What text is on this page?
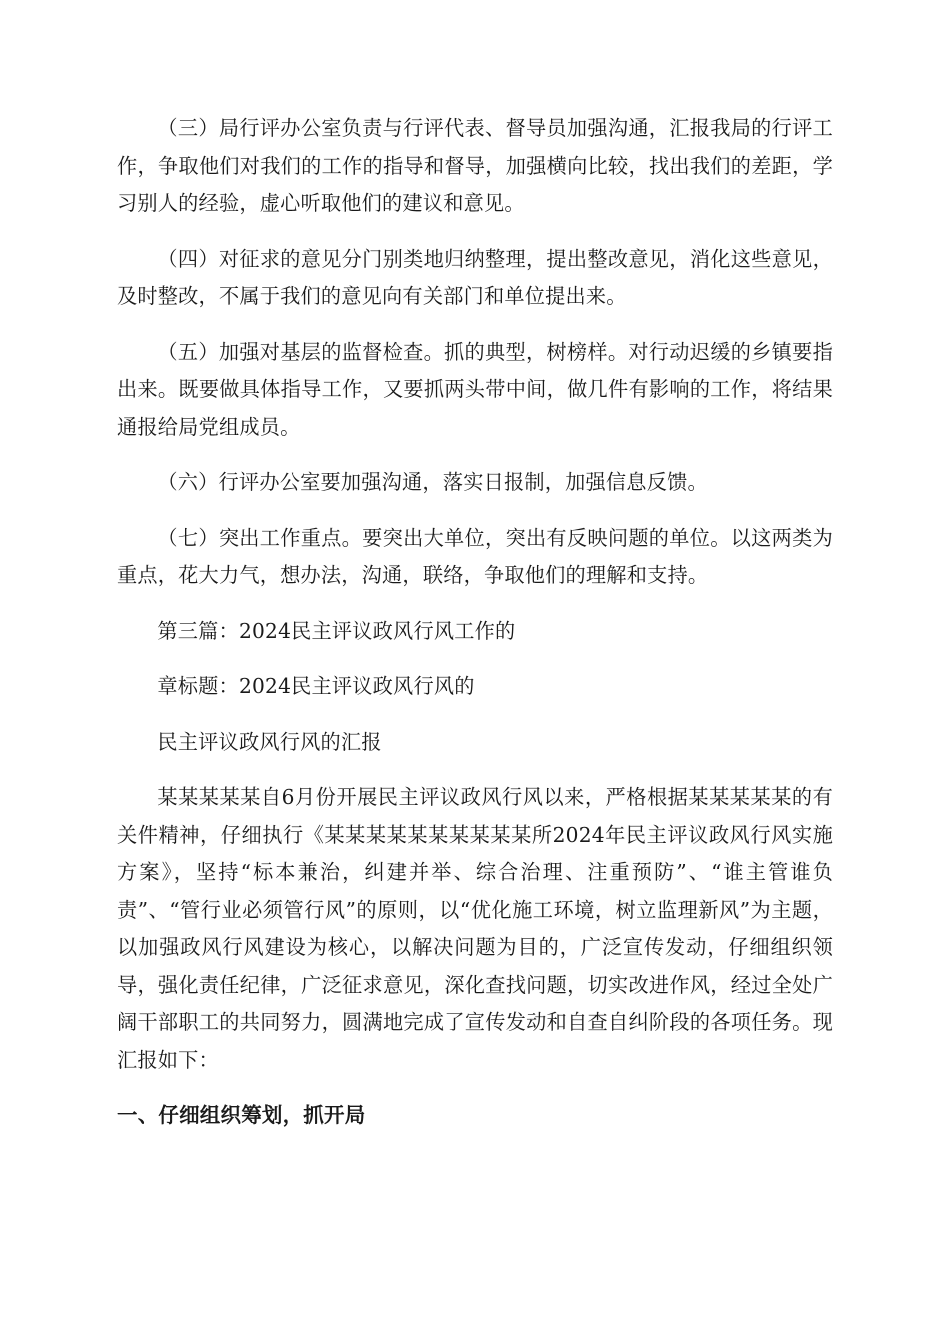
（三）局行评办公室负责与行评代表、督导员加强沟通，汇报我局的行评工作，争取他们对我们的工作的指导和督导，加强横向比较，找出我们的差距，学习别人的经验，虚心听取他们的建议和意见。

（四）对征求的意见分门别类地归纳整理，提出整改意见，消化这些意见，及时整改，不属于我们的意见向有关部门和单位提出来。

（五）加强对基层的监督检查。抓的典型，树榜样。对行动迟缓的乡镇要指出来。既要做具体指导工作，又要抓两头带中间，做几件有影响的工作，将结果通报给局党组成员。

（六）行评办公室要加强沟通，落实日报制，加强信息反馈。

（七）突出工作重点。要突出大单位，突出有反映问题的单位。以这两类为重点，花大力气，想办法，沟通，联络，争取他们的理解和支持。

第三篇：2024民主评议政风行风工作的

章标题：2024民主评议政风行风的

民主评议政风行风的汇报

某某某某某自6月份开展民主评议政风行风以来，严格根据某某某某某的有关件精神，仔细执行《某某某某某某某某某某所2024年民主评议政风行风实施方案》，坚持“标本兼治，纠建并举、综合治理、注重预防”、“谁主管谁负责”、“管行业必须管行风”的原则，以“优化施工环境，树立监理新风”为主题，以加强政风行风建设为核心，以解决问题为目的，广泛宣传发动，仔细组织领导，强化责任纪律，广泛征求意见，深化查找问题，切实改进作风，经过全处广阔干部职工的共同努力，圆满地完成了宣传发动和自查自纠阶段的各项任务。现汇报如下：

一、仔细组织筹划，抓开局
